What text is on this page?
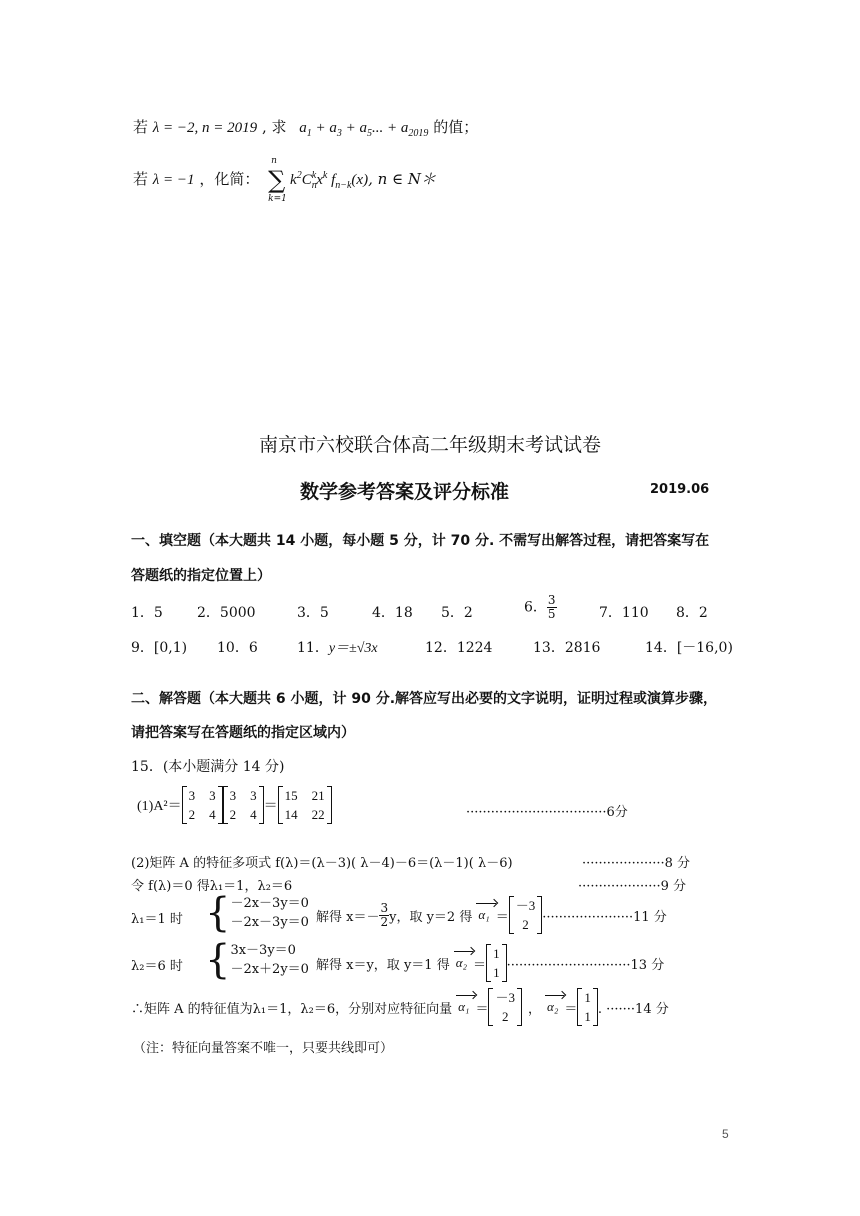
若 λ = −2, n = 2019 , 求 $a_1 + a_3 + a_5$... + $a_{2019}$ 的值；
若 λ = −1 ，化简：
n
∑
k=1
$k^2C_n^kx^k$ $f_{n-k}(x)$, n ∈ N＊
南京市六校联合体高二年级期末考试试卷
数学参考答案及评分标准	2019.06
一、填空题（本大题共 14 小题，每小题 5 分，计 70 分. 不需写出解答过程，请把答案写在
答题纸的指定位置上）
1．5 2．5000	3．5	4．18 5．2	6． $\frac{3}{5}$	7．110 8．2
9．[0,1) 10．6	11．y＝±√3x	12．1224	13．2816	14．[－16,0)
二、解答题（本大题共 6 小题，计 90 分.解答应写出必要的文字说明，证明过程或演算步骤，
请把答案写在答题纸的指定区域内）
15．(本小题满分 14 分)
(1)A²＝
3	3
2	4
3	3
2	4
＝
15	21
14	22	··································6分
(2)矩阵 A 的特征多项式 f(λ)＝(λ－3)( λ－4)－6＝(λ－1)( λ－6)	····················8 分
令 f(λ)＝0 得λ₁＝1，λ₂＝6	····················9 分
λ₁＝1 时 { －2x－3y＝0
－2x－3y＝0 解得 $x=- \frac{3}{2}$ y，取 y＝2 得 α₁ ＝
－3
2 ······················11 分
λ₂＝6 时 { 3x－3y＝0
－2x＋2y＝0 解得 x＝y，取 y＝1 得 α₂ ＝
1
1 ······························13 分
∴矩阵 A 的特征值为λ₁＝1，λ₂＝6，分别对应特征向量 α₁ ＝
－3
2 ， α₂ ＝
1
1 . ·······14 分
（注：特征向量答案不唯一，只要共线即可）
5
